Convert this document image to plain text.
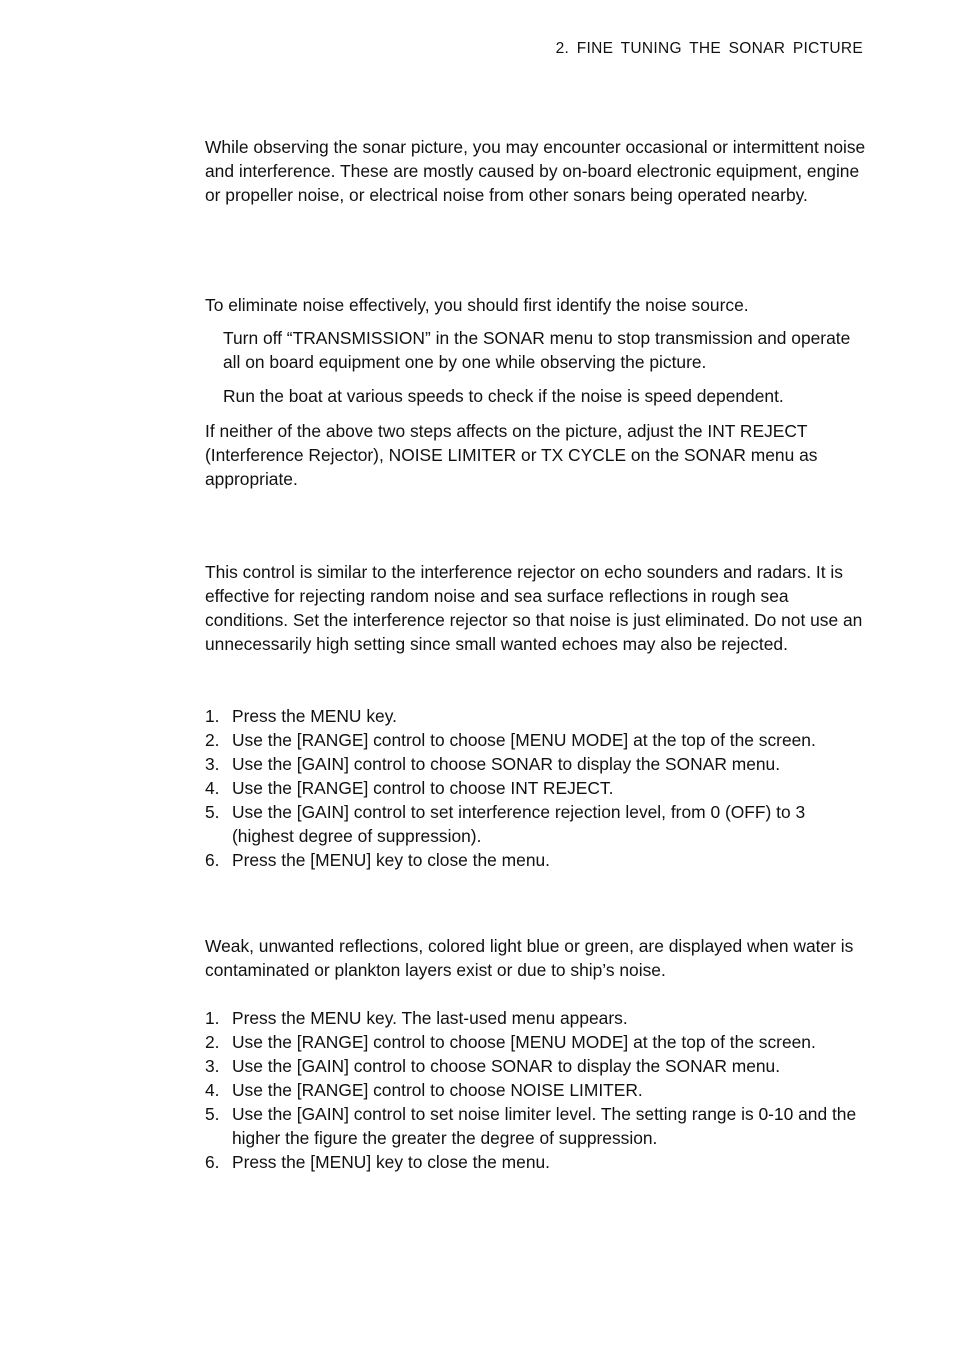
2. FINE TUNING THE SONAR PICTURE

While observing the sonar picture, you may encounter occasional or intermittent noise and interference. These are mostly caused by on-board electronic equipment, engine or propeller noise, or electrical noise from other sonars being operated nearby.

To eliminate noise effectively, you should first identify the noise source.

Turn off “TRANSMISSION” in the SONAR menu to stop transmission and operate all on board equipment one by one while observing the picture.

Run the boat at various speeds to check if the noise is speed dependent.

If neither of the above two steps affects on the picture, adjust the INT REJECT (Interference Rejector), NOISE LIMITER or TX CYCLE on the SONAR menu as appropriate.

This control is similar to the interference rejector on echo sounders and radars. It is effective for rejecting random noise and sea surface reflections in rough sea conditions. Set the interference rejector so that noise is just eliminated. Do not use an unnecessarily high setting since small wanted echoes may also be rejected.

1. Press the MENU key.
2. Use the [RANGE] control to choose [MENU MODE] at the top of the screen.
3. Use the [GAIN] control to choose SONAR to display the SONAR menu.
4. Use the [RANGE] control to choose INT REJECT.
5. Use the [GAIN] control to set interference rejection level, from 0 (OFF) to 3 (highest degree of suppression).
6. Press the [MENU] key to close the menu.

Weak, unwanted reflections, colored light blue or green, are displayed when water is contaminated or plankton layers exist or due to ship’s noise.

1. Press the MENU key. The last-used menu appears.
2. Use the [RANGE] control to choose [MENU MODE] at the top of the screen.
3. Use the [GAIN] control to choose SONAR to display the SONAR menu.
4. Use the [RANGE] control to choose NOISE LIMITER.
5. Use the [GAIN] control to set noise limiter level. The setting range is 0-10 and the higher the figure the greater the degree of suppression.
6. Press the [MENU] key to close the menu.
